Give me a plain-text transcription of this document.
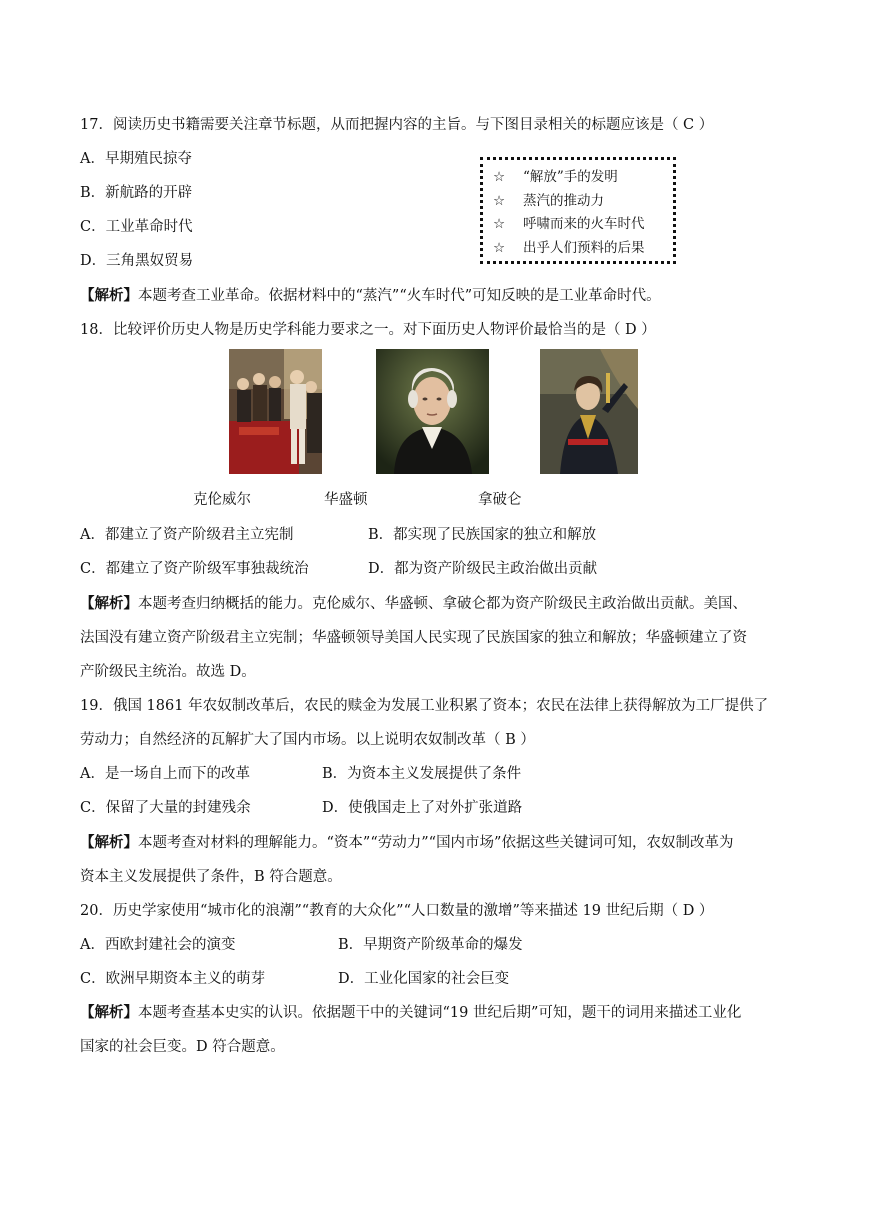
17．阅读历史书籍需要关注章节标题，从而把握内容的主旨。与下图目录相关的标题应该是（ C ）
A．早期殖民掠夺
B．新航路的开辟
C．工业革命时代
D．三角黑奴贸易
☆ “解放”手的发明
☆ 蒸汽的推动力
☆ 呼啸而来的火车时代
☆ 出乎人们预料的后果
【解析】本题考查工业革命。依据材料中的“蒸汽”“火车时代”可知反映的是工业革命时代。
18．比较评价历史人物是历史学科能力要求之一。对下面历史人物评价最恰当的是（ D ）
克伦威尔	华盛顿	拿破仑
A．都建立了资产阶级君主立宪制	B．都实现了民族国家的独立和解放
C．都建立了资产阶级军事独裁统治	D．都为资产阶级民主政治做出贡献
【解析】本题考查归纳概括的能力。克伦威尔、华盛顿、拿破仑都为资产阶级民主政治做出贡献。美国、
法国没有建立资产阶级君主立宪制；华盛顿领导美国人民实现了民族国家的独立和解放；华盛顿建立了资
产阶级民主统治。故选 D。
19．俄国 1861 年农奴制改革后，农民的赎金为发展工业积累了资本；农民在法律上获得解放为工厂提供了
劳动力；自然经济的瓦解扩大了国内市场。以上说明农奴制改革（ B ）
A．是一场自上而下的改革	B．为资本主义发展提供了条件
C．保留了大量的封建残余	D．使俄国走上了对外扩张道路
【解析】本题考查对材料的理解能力。“资本”“劳动力”“国内市场”依据这些关键词可知，农奴制改革为
资本主义发展提供了条件，B 符合题意。
20．历史学家使用“城市化的浪潮”“教育的大众化”“人口数量的激增”等来描述 19 世纪后期（ D ）
A．西欧封建社会的演变	B．早期资产阶级革命的爆发
C．欧洲早期资本主义的萌芽	D．工业化国家的社会巨变
【解析】本题考查基本史实的认识。依据题干中的关键词“19 世纪后期”可知，题干的词用来描述工业化
国家的社会巨变。D 符合题意。
